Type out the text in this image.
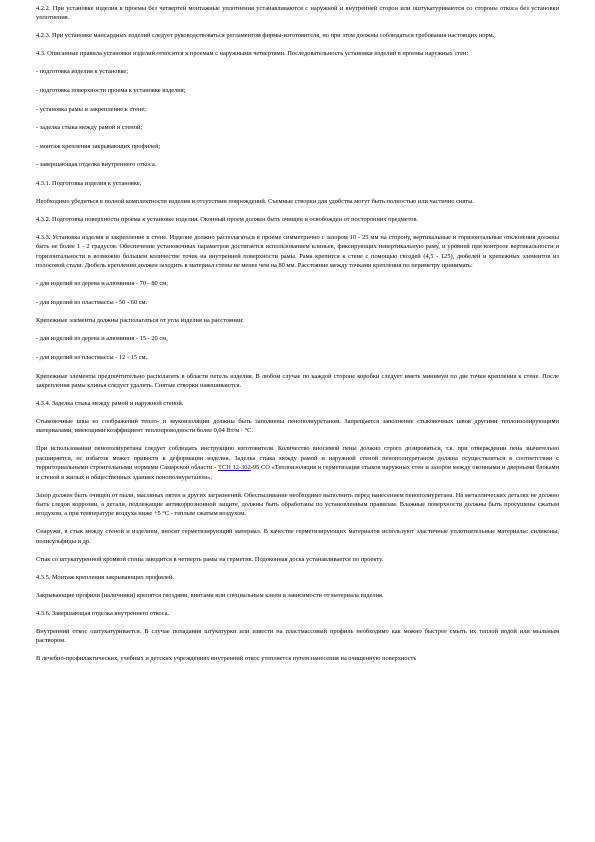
4.2.2. При установке изделия в проемы без четвертей монтажные уплотнения устанавливаются с наружной и внутренней сторон или оштукатуриваются со стороны откоса без установки уплотнения.

4.2.3. При установке мансардных изделий следует руководствоваться регламентом фирмы-изготовителя, но при этом должны соблюдаться требования настоящих норм.

4.3. Описанные правила установки изделий относятся к проемам с наружными четвертями. Последовательность установки изделий в проемы наружных стен:

- подготовка изделия к установке;

- подготовка поверхности проема к установке изделия;

- установка рамы и закрепление к стене;

- заделка стыка между рамой и стеной;

- монтаж крепления закрывающих профилей;

- завершающая отделка внутреннего откоса.

4.3.1. Подготовка изделия к установке.

Необходимо убедиться в полной комплектности изделия и отсутствии повреждений. Съемные створки для удобства могут быть полностью или частично сняты.

4.3.2. Подготовка поверхности проема к установке изделия. Оконный проем должен быть очищен и освобожден от посторонних предметов.

4.3.3. Установка изделия и закрепление к стене. Изделие должно располагаться в проеме симметрично с зазором 10 - 25 мм на сторону, вертикальные и горизонтальные отклонения должны быть не более 1 - 2 градусов. Обеспечение установочных параметров достигается использованием клиньев, фиксирующих невертикальную раму, и уровней при контроле вертикальности и горизонтальности в возможно большем количестве точек на внутренней поверхности рамы. Рама крепится к стене с помощью гвоздей (4,5 - 125), дюбелей и крепежных элементов из полосовой стали. Дюбель крепления должен заходить в материал стены не менее чем на 80 мм. Расстояние между точками крепления по периметру принимать:

- для изделий из дерева и алюминия - 70 - 80 см;

- для изделий из пластмассы - 50 - 60 см.

Крепежные элементы должны располагаться от угла изделия на расстоянии:

- для изделий из дерева и алюминия - 15 - 20 см,

- для изделий из пластмассы - 12 - 15 см.

Крепежные элементы предпочтительно располагать в области петель изделия. В любом случае по каждой стороне коробки следует иметь минимум по две точки крепления к стене. После закрепления рамы клинья следует удалить. Снятые створки навешиваются.

4.3.4. Заделка стыка между рамой и наружной стеной.

Стыковочные швы из соображений тепло- и звукоизоляции должны быть заполнены пенополиуретаном. Запрещается заполнение стыковочных швов другими теплоизолирующими материалами, имеющими коэффициент теплопроводности более 0,04 Вт/м · °С.

При использовании пенополиуретана следует соблюдать инструкцию изготовителя. Количество вносимой пены должно строго дозироваться, т.к. при отверждении пена значительно расширяется, ее избыток может привести к деформации изделия. Заделка стыка между рамой и наружной стеной пенополиуретаном должна осуществляться в соответствии с территориальными строительными нормами Самарской области - ТСН 12-302-95 СО «Теплоизоляция и герметизация стыков наружных стен и зазоров между оконными и дверными блоками и стеной в жилых и общественных зданиях пенополиуретаном».

Зазор должен быть очищен от пыли, масляных пятен и других загрязнений. Обеспыливание необходимо выполнить перед нанесением пенополиуретана. На металлических деталях не должно быть следов коррозии, а детали, подлежащие антикоррозионной защите, должны быть обработаны по установленным правилам. Влажные поверхности должны быть просушены сжатым воздухом, а при температуре воздуха ниже +5 °С - теплым сжатым воздухом.

Снаружи, в стык между стеной и изделием, вносят герметизирующий материал. В качестве герметизирующих материалов используют эластичные уплотнительные материалы: силиконы, полисульфиды и др.

Стык со штукатуренной кромкой стены заводится в четверть рамы на герметик. Подоконная доска устанавливается по проекту.

4.3.5. Монтаж крепления закрывающих профилей.

Закрывающие профили (наличники) крепятся гвоздями, винтами или специальным клеем в зависимости от материала изделия.

4.3.6. Завершающая отделка внутреннего откоса.

Внутренний откос оштукатуривается. В случае попадания штукатурки или извести на пластмассовый профиль необходимо как можно быстрее смыть их теплой водой или мыльным раствором.

В лечебно-профилактических, учебных и детских учреждениях внутренний откос утепляется путем нанесения на очищенную поверхность
